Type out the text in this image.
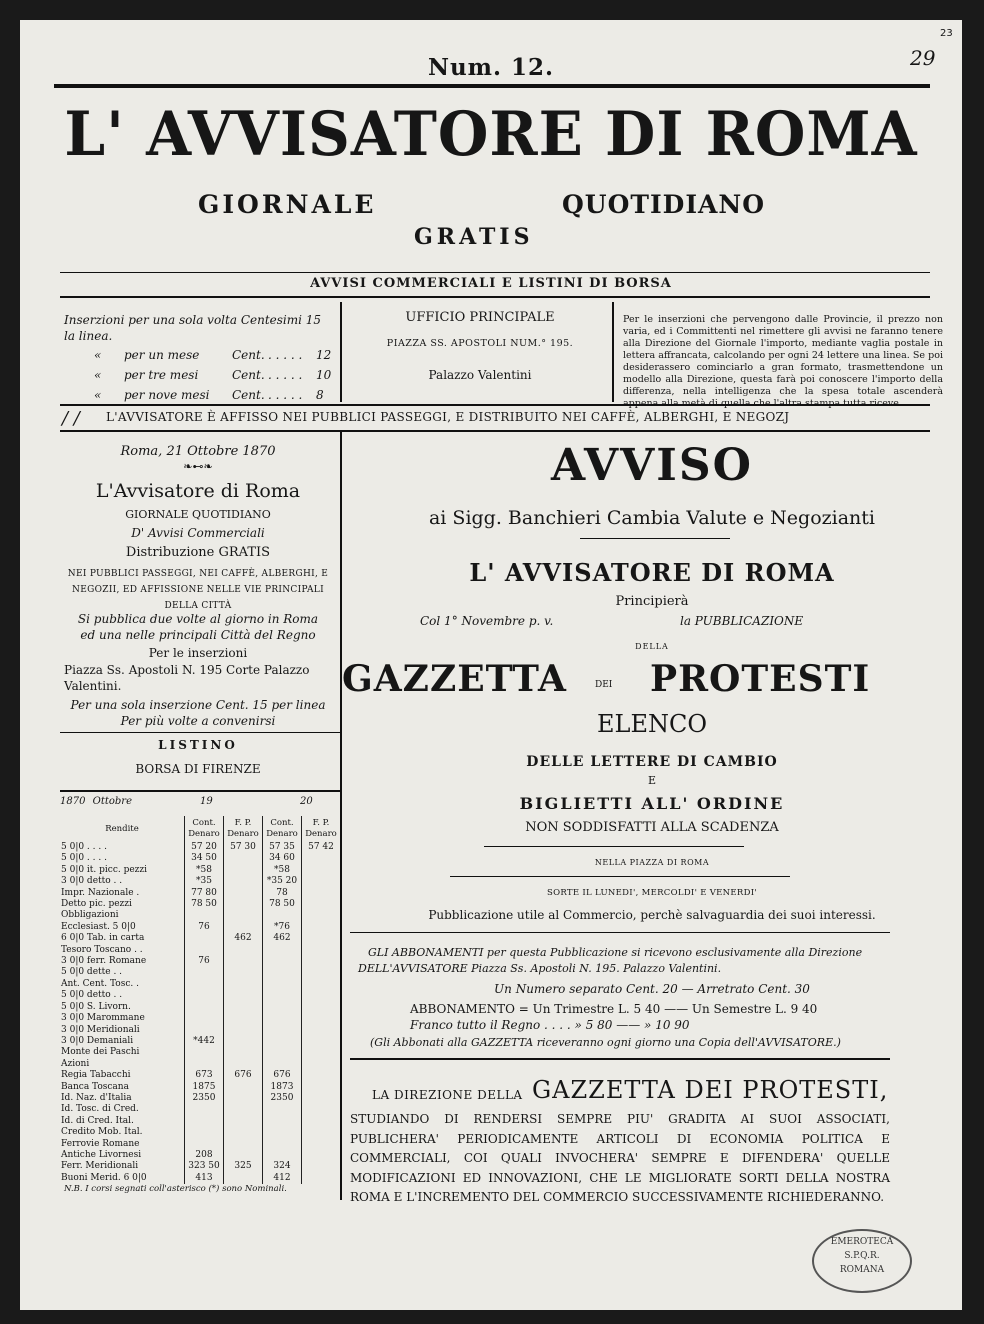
23
29
Num. 12.
L' AVVISATORE DI ROMA
GIORNALE	QUOTIDIANO
GRATIS
AVVISI COMMERCIALI E LISTINI DI BORSA
Inserzioni per una sola volta Centesimi 15 la linea.
« per un mese	Cent. . . . . . 12
« per tre mesi	Cent. . . . . . 10
« per nove mesi Cent. . . . . . 8
UFFICIO PRINCIPALE
PIAZZA SS. APOSTOLI NUM.° 195.
Palazzo Valentini
Per le inserzioni che pervengono dalle Provincie, il prezzo non varia, ed i Committenti nel rimettere gli avvisi ne faranno tenere alla Direzione del Giornale l'importo, mediante vaglia postale in lettera affrancata, calcolando per ogni 24 lettere una linea. Se poi desiderassero cominciarlo a gran formato, trasmettendone un modello alla Direzione, questa farà poi conoscere l'importo della differenza, nella intelligenza che la spesa totale ascenderà
/ / L'AVVISATORE È AFFISSO NEI PUBBLICI PASSEGGI, E DISTRIBUITO NEI CAFFÈ, ALBERGHI, E NEGOZJ
Roma, 21 Ottobre 1870
❧⊷❧
L'Avvisatore di Roma
GIORNALE QUOTIDIANO
D' Avvisi Commerciali
Distribuzione GRATIS
NEI PUBBLICI PASSEGGI, NEI CAFFÈ, ALBERGHI, E NEGOZII, ED AFFISSIONE NELLE VIE PRINCIPALI DELLA CITTÀ
Si pubblica due volte al giorno in Roma
ed una nelle principali Città del Regno
Per le inserzioni
Piazza Ss. Apostoli N. 195 Corte Palazzo Valentini.
Per una sola inserzione Cent. 15 per linea
Per più volte a convenirsi
LISTINO
BORSA DI FIRENZE
1870 Ottobre	19	20
Rendite	Cont. Denaro	F. P. Denaro	Cont. Denaro	F. P. Denaro
5 0|0 . . . .	57 20	57 30	57 35	57 42
5 0|0 . . . .	34 50		34 60	
5 0|0 it. picc. pezzi	*58		*58	
3 0|0 detto . .	*35		*35 20	
Impr. Nazionale .	77 80		78	
Detto pic. pezzi	78 50		78 50	
Obbligazioni				
Ecclesiast. 5 0|0	76		*76	
6 0|0 Tab. in carta		462	462	
Tesoro Toscano . .				
3 0|0 ferr. Romane	76			
5 0|0 dette . .				
Ant. Cent. Tosc. .				
5 0|0 detto . .				
5 0|0 S. Livorn.				
3 0|0 Marommane				
3 0|0 Meridionali				
3 0|0 Demaniali	*442			
Monte dei Paschi				
Azioni				
Regia Tabacchi	673	676	676	
Banca Toscana	1875		1873	
Id. Naz. d'Italia	2350		2350	
Id. Tosc. di Cred.				
Id. di Cred. Ital.				
Credito Mob. Ital.				
Ferrovie Romane				
Antiche Livornesi	208			
Ferr. Meridionali	323 50	325	324	
Buoni Merid. 6 0|0	413		412	
N.B. I corsi segnati coll'asterisco (*) sono Nominali.
AVVISO
ai Sigg. Banchieri Cambia Valute e Negozianti
L' AVVISATORE DI ROMA
Principierà
Col 1° Novembre p. v.	la PUBBLICAZIONE
DELLA
GAZZETTA	DEI PROTESTI
ELENCO
DELLE LETTERE DI CAMBIO
E
BIGLIETTI ALL' ORDINE
NON SODDISFATTI ALLA SCADENZA
NELLA PIAZZA DI ROMA
SORTE IL LUNEDI', MERCOLDI' E VENERDI'
Pubblicazione utile al Commercio, perchè salvaguardia dei suoi interessi.
GLI ABBONAMENTI per questa Pubblicazione si ricevono esclusivamente alla Direzione
DELL'AVVISATORE Piazza Ss. Apostoli N. 195. Palazzo Valentini.
Un Numero separato Cent. 20 — Arretrato Cent. 30
ABBONAMENTO = Un Trimestre L. 5 40 —— Un Semestre L. 9 40
Franco tutto il Regno . . . . » 5 80 —— » 10 90
(Gli Abbonati alla GAZZETTA riceveranno ogni giorno una Copia dell'AVVISATORE.)
LA DIREZIONE DELLA GAZZETTA DEI PROTESTI,
STUDIANDO DI RENDERSI SEMPRE PIU' GRADITA AI SUOI ASSOCIATI, PUBLICHERA' PERIODICAMENTE ARTICOLI DI ECONOMIA POLITICA E COMMERCIALI, COI QUALI INVOCHERA' SEMPRE E DIFENDERA' QUELLE MODIFICAZIONI ED INNOVAZIONI, CHE LE MIGLIORATE SORTI DELLA NOSTRA ROMA E L'INCREMENTO DEL COMMERCIO SUCCESSIVAMENTE RICHIEDERANNO.
EMEROTECA
S.P.Q.R.
ROMANA
